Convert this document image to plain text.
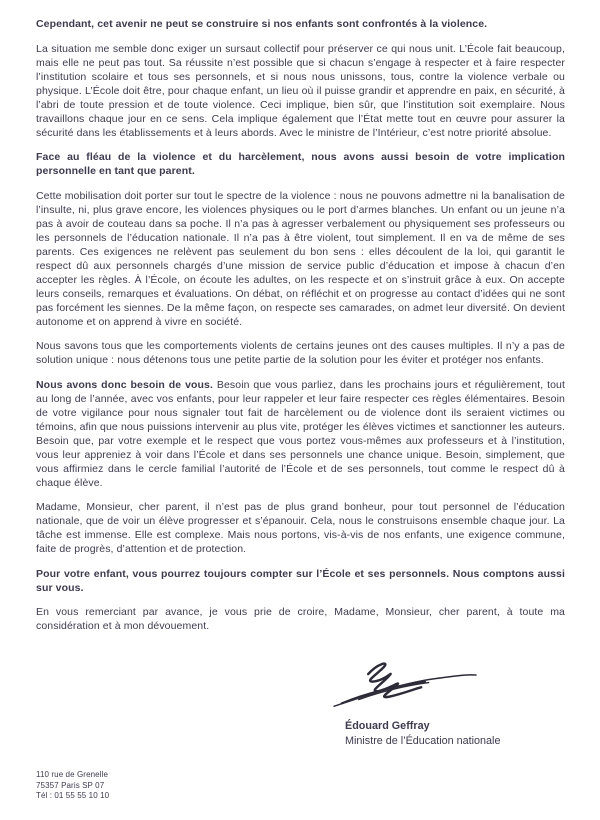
Cependant, cet avenir ne peut se construire si nos enfants sont confrontés à la violence.

La situation me semble donc exiger un sursaut collectif pour préserver ce qui nous unit. L’École fait beaucoup, mais elle ne peut pas tout. Sa réussite n’est possible que si chacun s’engage à respecter et à faire respecter l’institution scolaire et tous ses personnels, et si nous nous unissons, tous, contre la violence verbale ou physique. L’École doit être, pour chaque enfant, un lieu où il puisse grandir et apprendre en paix, en sécurité, à l’abri de toute pression et de toute violence. Ceci implique, bien sûr, que l’institution soit exemplaire. Nous travaillons chaque jour en ce sens. Cela implique également que l’État mette tout en œuvre pour assurer la sécurité dans les établissements et à leurs abords. Avec le ministre de l’Intérieur, c’est notre priorité absolue.

Face au fléau de la violence et du harcèlement, nous avons aussi besoin de votre implication personnelle en tant que parent.

Cette mobilisation doit porter sur tout le spectre de la violence : nous ne pouvons admettre ni la banalisation de l’insulte, ni, plus grave encore, les violences physiques ou le port d’armes blanches. Un enfant ou un jeune n’a pas à avoir de couteau dans sa poche. Il n’a pas à agresser verbalement ou physiquement ses professeurs ou les personnels de l’éducation nationale. Il n’a pas à être violent, tout simplement. Il en va de même de ses parents. Ces exigences ne relèvent pas seulement du bon sens : elles découlent de la loi, qui garantit le respect dû aux personnels chargés d’une mission de service public d’éducation et impose à chacun d’en accepter les règles. À l’École, on écoute les adultes, on les respecte et on s’instruit grâce à eux. On accepte leurs conseils, remarques et évaluations. On débat, on réfléchit et on progresse au contact d’idées qui ne sont pas forcément les siennes. De la même façon, on respecte ses camarades, on admet leur diversité. On devient autonome et on apprend à vivre en société.

Nous savons tous que les comportements violents de certains jeunes ont des causes multiples. Il n’y a pas de solution unique : nous détenons tous une petite partie de la solution pour les éviter et protéger nos enfants.

Nous avons donc besoin de vous. Besoin que vous parliez, dans les prochains jours et régulièrement, tout au long de l’année, avec vos enfants, pour leur rappeler et leur faire respecter ces règles élémentaires. Besoin de votre vigilance pour nous signaler tout fait de harcèlement ou de violence dont ils seraient victimes ou témoins, afin que nous puissions intervenir au plus vite, protéger les élèves victimes et sanctionner les auteurs. Besoin que, par votre exemple et le respect que vous portez vous-mêmes aux professeurs et à l’institution, vous leur appreniez à voir dans l’École et dans ses personnels une chance unique. Besoin, simplement, que vous affirmiez dans le cercle familial l’autorité de l’École et de ses personnels, tout comme le respect dû à chaque élève.

Madame, Monsieur, cher parent, il n’est pas de plus grand bonheur, pour tout personnel de l’éducation nationale, que de voir un élève progresser et s’épanouir. Cela, nous le construisons ensemble chaque jour. La tâche est immense. Elle est complexe. Mais nous portons, vis-à-vis de nos enfants, une exigence commune, faite de progrès, d’attention et de protection.

Pour votre enfant, vous pourrez toujours compter sur l’École et ses personnels. Nous comptons aussi sur vous.

En vous remerciant par avance, je vous prie de croire, Madame, Monsieur, cher parent, à toute ma considération et à mon dévouement.

Édouard Geffray
Ministre de l’Éducation nationale
110 rue de Grenelle
75357 Paris SP 07
Tél : 01 55 55 10 10
